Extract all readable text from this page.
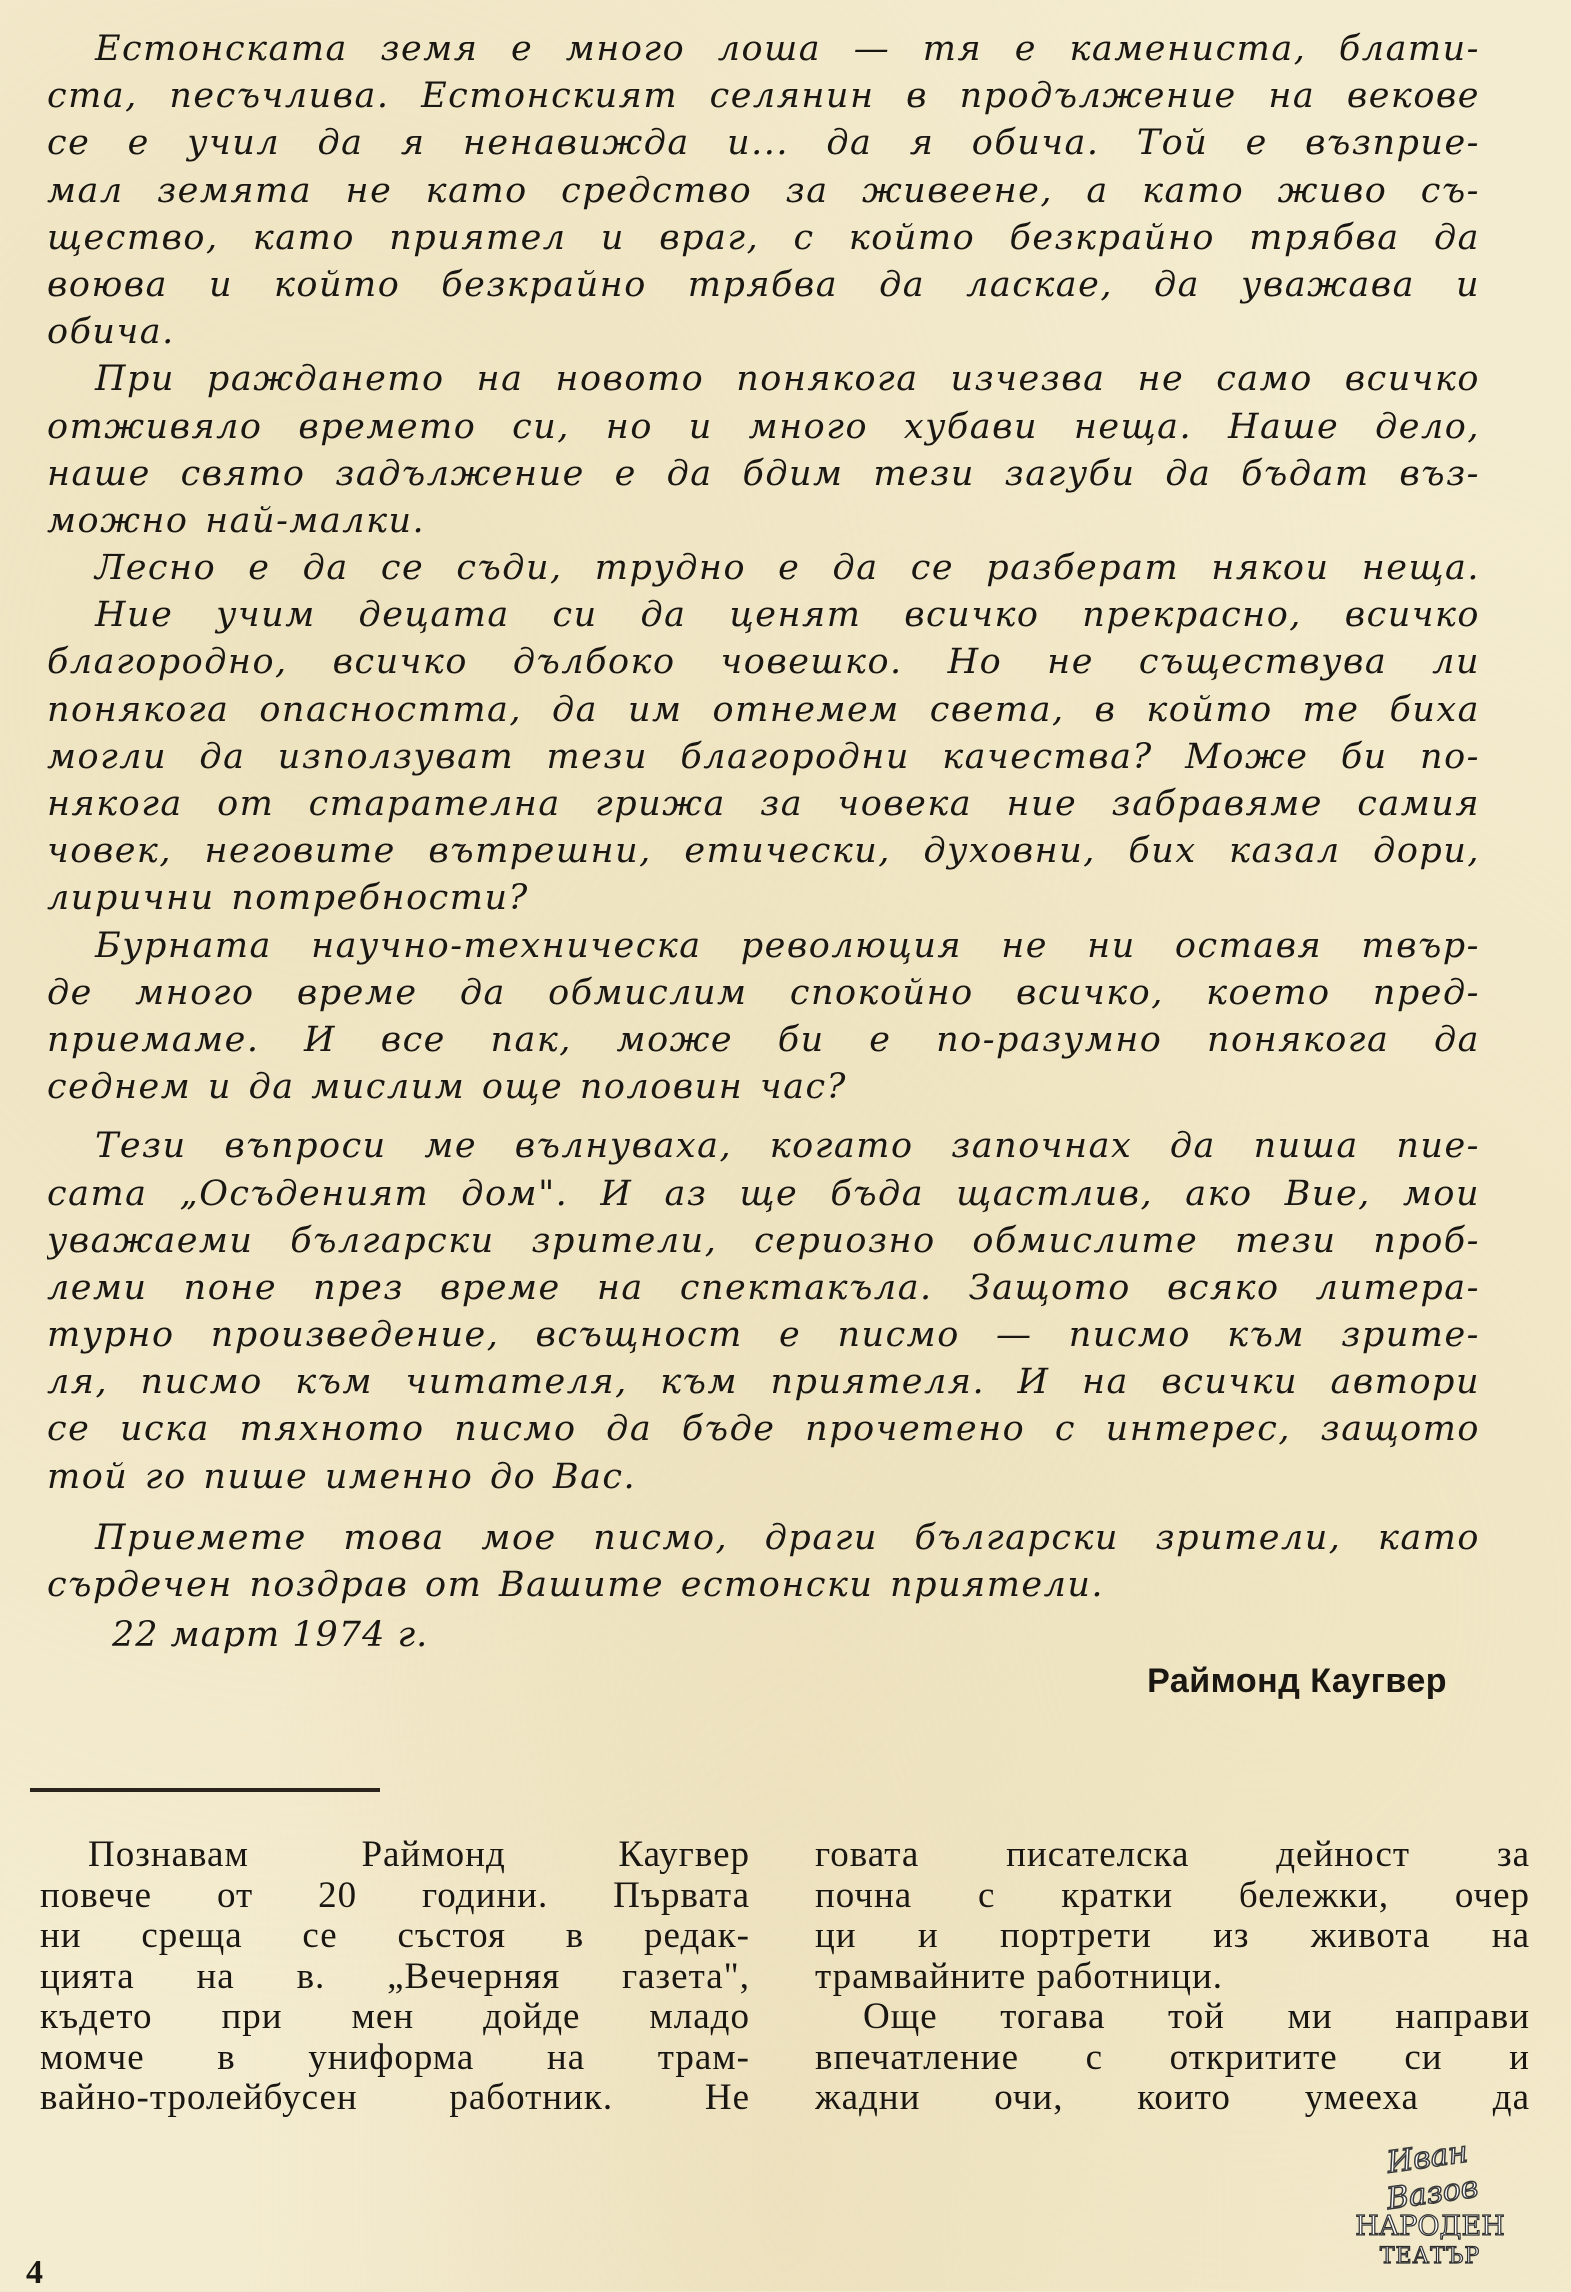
Естонската земя е много лоша — тя е камениста, блати-
ста, песъчлива. Естонският селянин в продължение на векове
се е учил да я ненавижда и... да я обича. Той е възприе-
мал земята не като средство за живеене, а като живо съ-
щество, като приятел и враг, с който безкрайно трябва да
воюва и който безкрайно трябва да ласкае, да уважава и
обича.
При раждането на новото понякога изчезва не само всичко
отживяло времето си, но и много хубави неща. Наше дело,
наше свято задължение е да бдим тези загуби да бъдат въз-
можно най-малки.
Лесно е да се съди, трудно е да се разберат някои неща.
Ние учим децата си да ценят всичко прекрасно, всичко
благородно, всичко дълбоко човешко. Но не съществува ли
понякога опасността, да им отнемем света, в който те биха
могли да използуват тези благородни качества? Може би по-
някога от старателна грижа за човека ние забравяме самия
човек, неговите вътрешни, етически, духовни, бих казал дори,
лирични потребности?
Бурната научно-техническа революция не ни оставя твър-
де много време да обмислим спокойно всичко, което пред-
приемаме. И все пак, може би е по-разумно понякога да
седнем и да мислим още половин час?
Тези въпроси ме вълнуваха, когато започнах да пиша пие-
сата „Осъденият дом". И аз ще бъда щастлив, ако Вие, мои
уважаеми български зрители, сериозно обмислите тези проб-
леми поне през време на спектакъла. Защото всяко литера-
турно произведение, всъщност е писмо — писмо към зрите-
ля, писмо към читателя, към приятеля. И на всички автори
се иска тяхното писмо да бъде прочетено с интерес, защото
той го пише именно до Вас.
Приемете това мое писмо, драги български зрители, като
сърдечен поздрав от Вашите естонски приятели.
22 март 1974 г.
Раймонд Каугвер
Познавам Раймонд Каугвер
повече от 20 години. Първата
ни среща се състоя в редак-
цията на в. „Вечерняя газета",
където при мен дойде младо
момче в униформа на трам-
вайно-тролейбусен работник. Не
говата писателска дейност за
почна с кратки бележки, очер
ци и портрети из живота на
трамвайните работници.
Още тогава той ми направи
впечатление с откритите си и
жадни очи, които умееха да
4
Иван Вазов
НАРОДЕН
ТЕАТЪР
